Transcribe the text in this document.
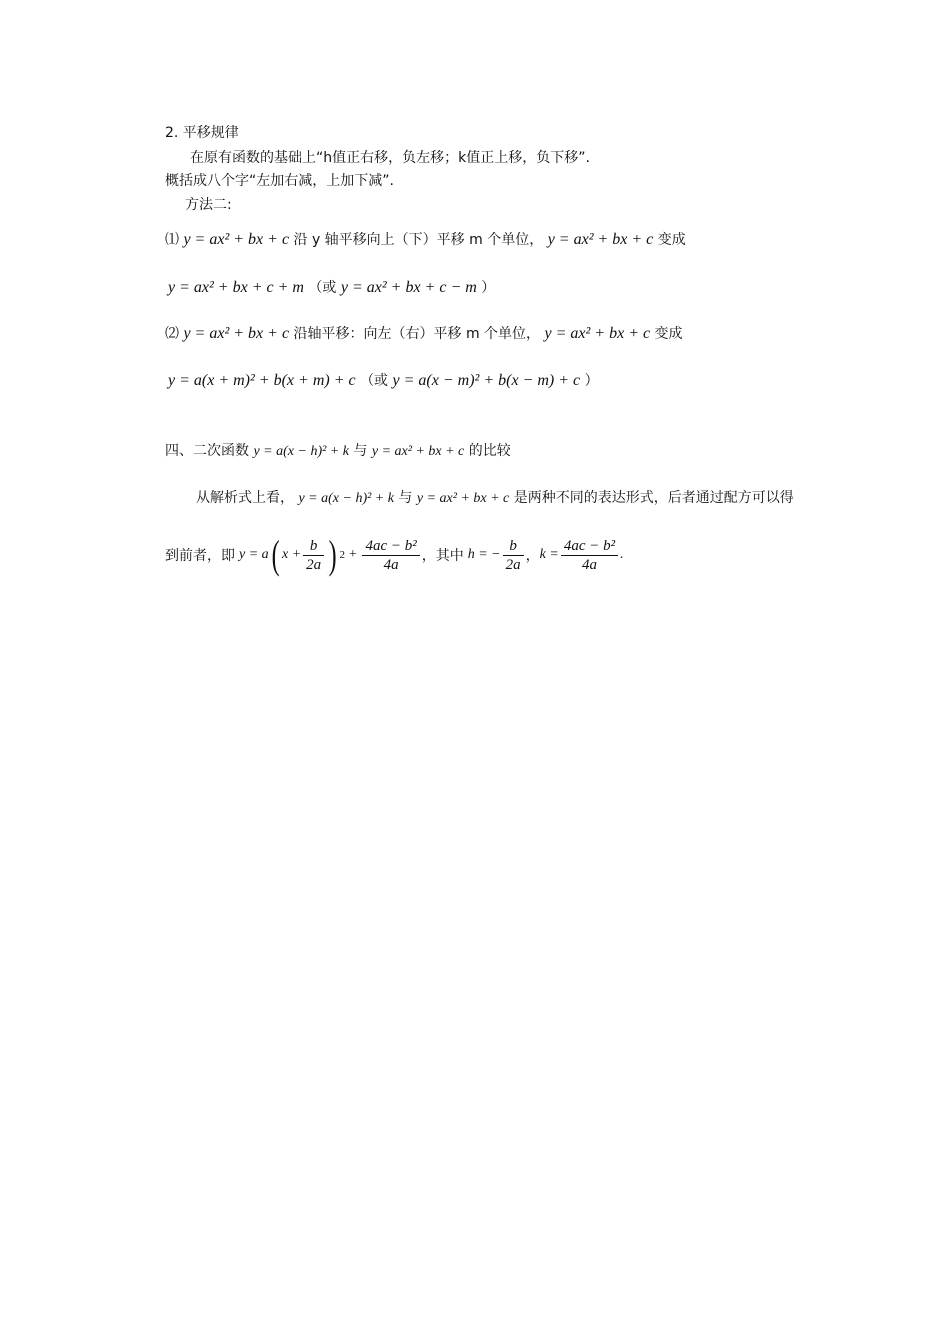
2. 平移规律
在原有函数的基础上“h值正右移，负左移；k值正上移，负下移”.
概括成八个字“左加右减，上加下减”.
方法二:
⑴ y = ax² + bx + c 沿 y 轴平移向上（下）平移 m 个单位， y = ax² + bx + c 变成
y = ax² + bx + c + m （或 y = ax² + bx + c − m ）
⑵ y = ax² + bx + c 沿轴平移：向左（右）平移 m 个单位， y = ax² + bx + c 变成
y = a(x + m)² + b(x + m) + c （或 y = a(x − m)² + b(x − m) + c ）
四、二次函数 y = a(x − h)² + k 与 y = ax² + bx + c 的比较
从解析式上看， y = a(x − h)² + k 与 y = ax² + bx + c 是两种不同的表达形式，后者通过配方可以得
到前者，即 y = a ( $x + \frac{b}{2a}$ ) $2 + \frac{\text{4ac − b²}}{4a}$ ，其中 h = − $\frac{b}{2a}$ ， $k = \frac{\text{4ac − b²}}{4a}$ .
